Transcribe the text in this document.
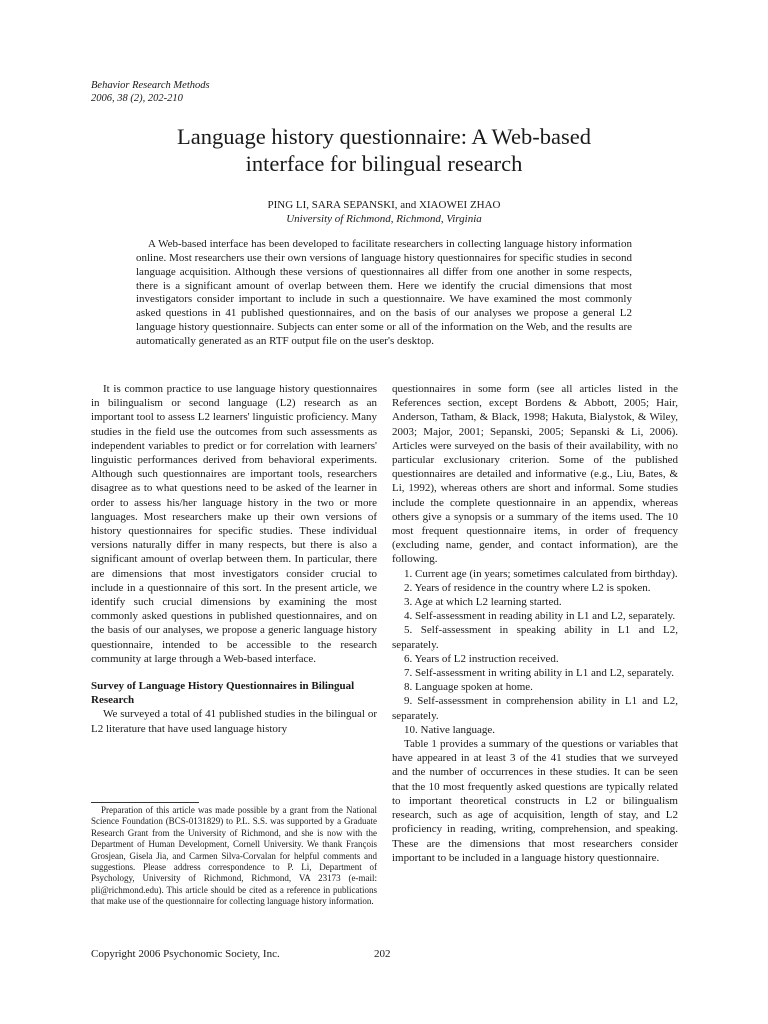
Behavior Research Methods
2006, 38 (2), 202-210
Language history questionnaire: A Web-based
interface for bilingual research
PING LI, SARA SEPANSKI, and XIAOWEI ZHAO
University of Richmond, Richmond, Virginia

A Web-based interface has been developed to facilitate researchers in collecting language history information online. Most researchers use their own versions of language history questionnaires for specific studies in second language acquisition. Although these versions of questionnaires all differ from one another in some respects, there is a significant amount of overlap between them. Here we identify the crucial dimensions that most investigators consider important to include in such a questionnaire. We have examined the most commonly asked questions in 41 published questionnaires, and on the basis of our analyses we propose a general L2 language history questionnaire. Subjects can enter some or all of the information on the Web, and the results are automatically generated as an RTF output file on the user's desktop.

It is common practice to use language history questionnaires in bilingualism or second language (L2) research as an important tool to assess L2 learners' linguistic proficiency. Many studies in the field use the outcomes from such assessments as independent variables to predict or for correlation with learners' linguistic performances derived from behavioral experiments. Although such questionnaires are important tools, researchers disagree as to what questions need to be asked of the learner in order to assess his/her language history in the two or more languages. Most researchers make up their own versions of history questionnaires for specific studies. These individual versions naturally differ in many respects, but there is also a significant amount of overlap between them. In particular, there are dimensions that most investigators consider crucial to include in a questionnaire of this sort. In the present article, we identify such crucial dimensions by examining the most commonly asked questions in published questionnaires, and on the basis of our analyses, we propose a generic language history questionnaire, intended to be accessible to the research community at large through a Web-based interface.

Survey of Language History Questionnaires in Bilingual Research

We surveyed a total of 41 published studies in the bilingual or L2 literature that have used language history

questionnaires in some form (see all articles listed in the References section, except Bordens & Abbott, 2005; Hair, Anderson, Tatham, & Black, 1998; Hakuta, Bialystok, & Wiley, 2003; Major, 2001; Sepanski, 2005; Sepanski & Li, 2006). Articles were surveyed on the basis of their availability, with no particular exclusionary criterion. Some of the published questionnaires are detailed and informative (e.g., Liu, Bates, & Li, 1992), whereas others are short and informal. Some studies include the complete questionnaire in an appendix, whereas others give a synopsis or a summary of the items used. The 10 most frequent questionnaire items, in order of frequency (excluding name, gender, and contact information), are the following.

1. Current age (in years; sometimes calculated from birthday).

2. Years of residence in the country where L2 is spoken.

3. Age at which L2 learning started.

4. Self-assessment in reading ability in L1 and L2, separately.

5. Self-assessment in speaking ability in L1 and L2, separately.

6. Years of L2 instruction received.

7. Self-assessment in writing ability in L1 and L2, separately.

8. Language spoken at home.

9. Self-assessment in comprehension ability in L1 and L2, separately.

10. Native language.

Table 1 provides a summary of the questions or variables that have appeared in at least 3 of the 41 studies that we surveyed and the number of occurrences in these studies. It can be seen that the 10 most frequently asked questions are typically related to important theoretical constructs in L2 or bilingualism research, such as age of acquisition, length of stay, and L2 proficiency in reading, writing, comprehension, and speaking. These are the dimensions that most researchers consider important to be included in a language history questionnaire.

Preparation of this article was made possible by a grant from the National Science Foundation (BCS-0131829) to P.L. S.S. was supported by a Graduate Research Grant from the University of Richmond, and she is now with the Department of Human Development, Cornell University. We thank François Grosjean, Gisela Jia, and Carmen Silva-Corvalan for helpful comments and suggestions. Please address correspondence to P. Li, Department of Psychology, University of Richmond, Richmond, VA 23173 (e-mail: pli@richmond.edu). This article should be cited as a reference in publications that make use of the questionnaire for collecting language history information.

Copyright 2006 Psychonomic Society, Inc.	202
